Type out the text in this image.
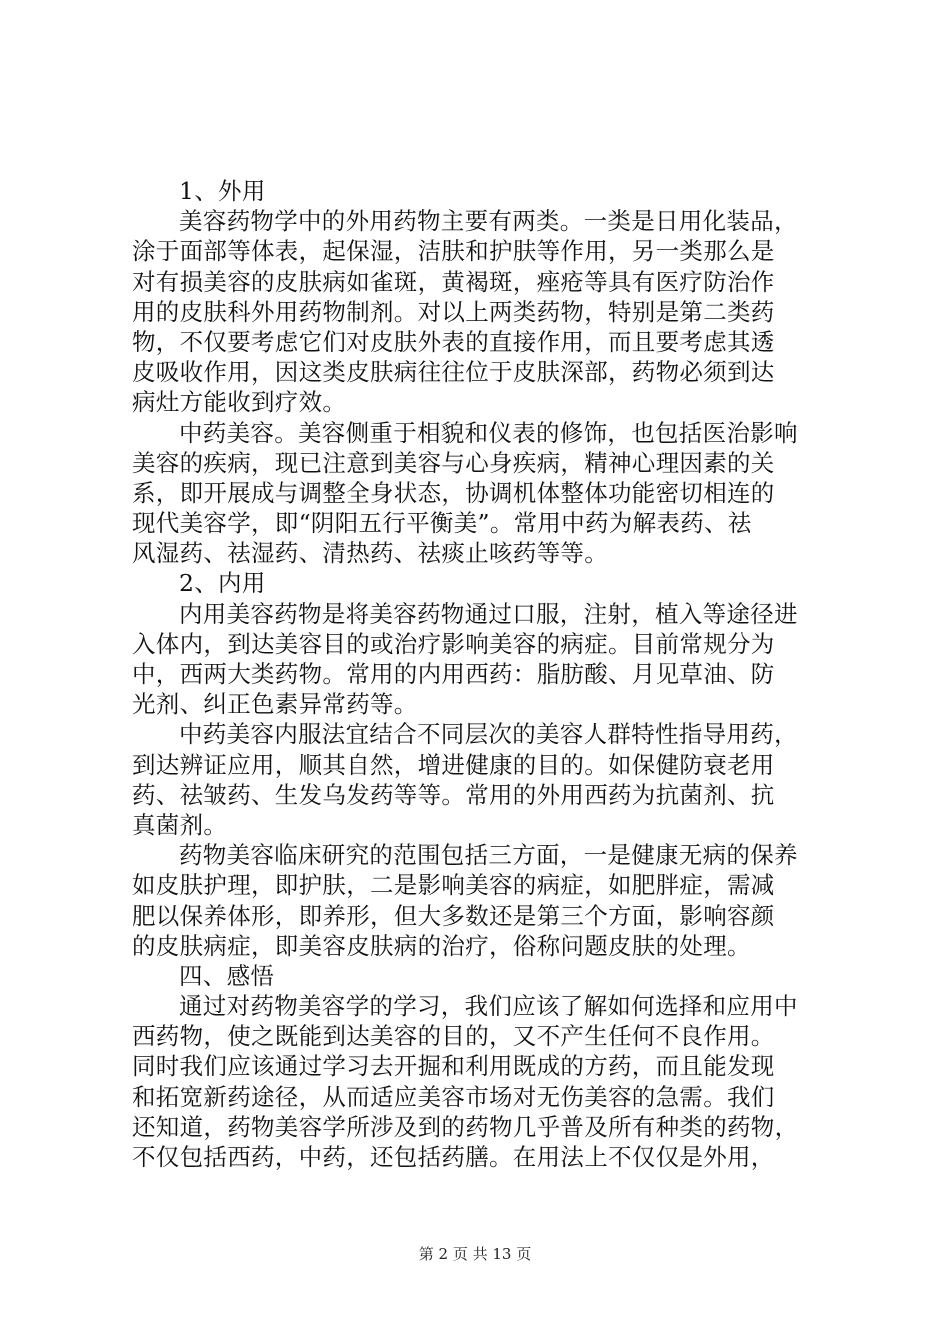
1、外用
美容药物学中的外用药物主要有两类。一类是日用化装品，
涂于面部等体表，起保湿，洁肤和护肤等作用，另一类那么是
对有损美容的皮肤病如雀斑，黄褐斑，痤疮等具有医疗防治作
用的皮肤科外用药物制剂。对以上两类药物，特别是第二类药
物，不仅要考虑它们对皮肤外表的直接作用，而且要考虑其透
皮吸收作用，因这类皮肤病往往位于皮肤深部，药物必须到达
病灶方能收到疗效。
中药美容。美容侧重于相貌和仪表的修饰，也包括医治影响
美容的疾病，现已注意到美容与心身疾病，精神心理因素的关
系，即开展成与调整全身状态，协调机体整体功能密切相连的
现代美容学，即“阴阳五行平衡美”。常用中药为解表药、祛
风湿药、祛湿药、清热药、祛痰止咳药等等。
2、内用
内用美容药物是将美容药物通过口服，注射，植入等途径进
入体内，到达美容目的或治疗影响美容的病症。目前常规分为
中，西两大类药物。常用的内用西药：脂肪酸、月见草油、防
光剂、纠正色素异常药等。
中药美容内服法宜结合不同层次的美容人群特性指导用药，
到达辨证应用，顺其自然，增进健康的目的。如保健防衰老用
药、祛皱药、生发乌发药等等。常用的外用西药为抗菌剂、抗
真菌剂。
药物美容临床研究的范围包括三方面，一是健康无病的保养
如皮肤护理，即护肤，二是影响美容的病症，如肥胖症，需减
肥以保养体形，即养形，但大多数还是第三个方面，影响容颜
的皮肤病症，即美容皮肤病的治疗，俗称问题皮肤的处理。
四、感悟
通过对药物美容学的学习，我们应该了解如何选择和应用中
西药物，使之既能到达美容的目的，又不产生任何不良作用。
同时我们应该通过学习去开掘和利用既成的方药，而且能发现
和拓宽新药途径，从而适应美容市场对无伤美容的急需。我们
还知道，药物美容学所涉及到的药物几乎普及所有种类的药物，
不仅包括西药，中药，还包括药膳。在用法上不仅仅是外用，
第 2 页 共 13 页
